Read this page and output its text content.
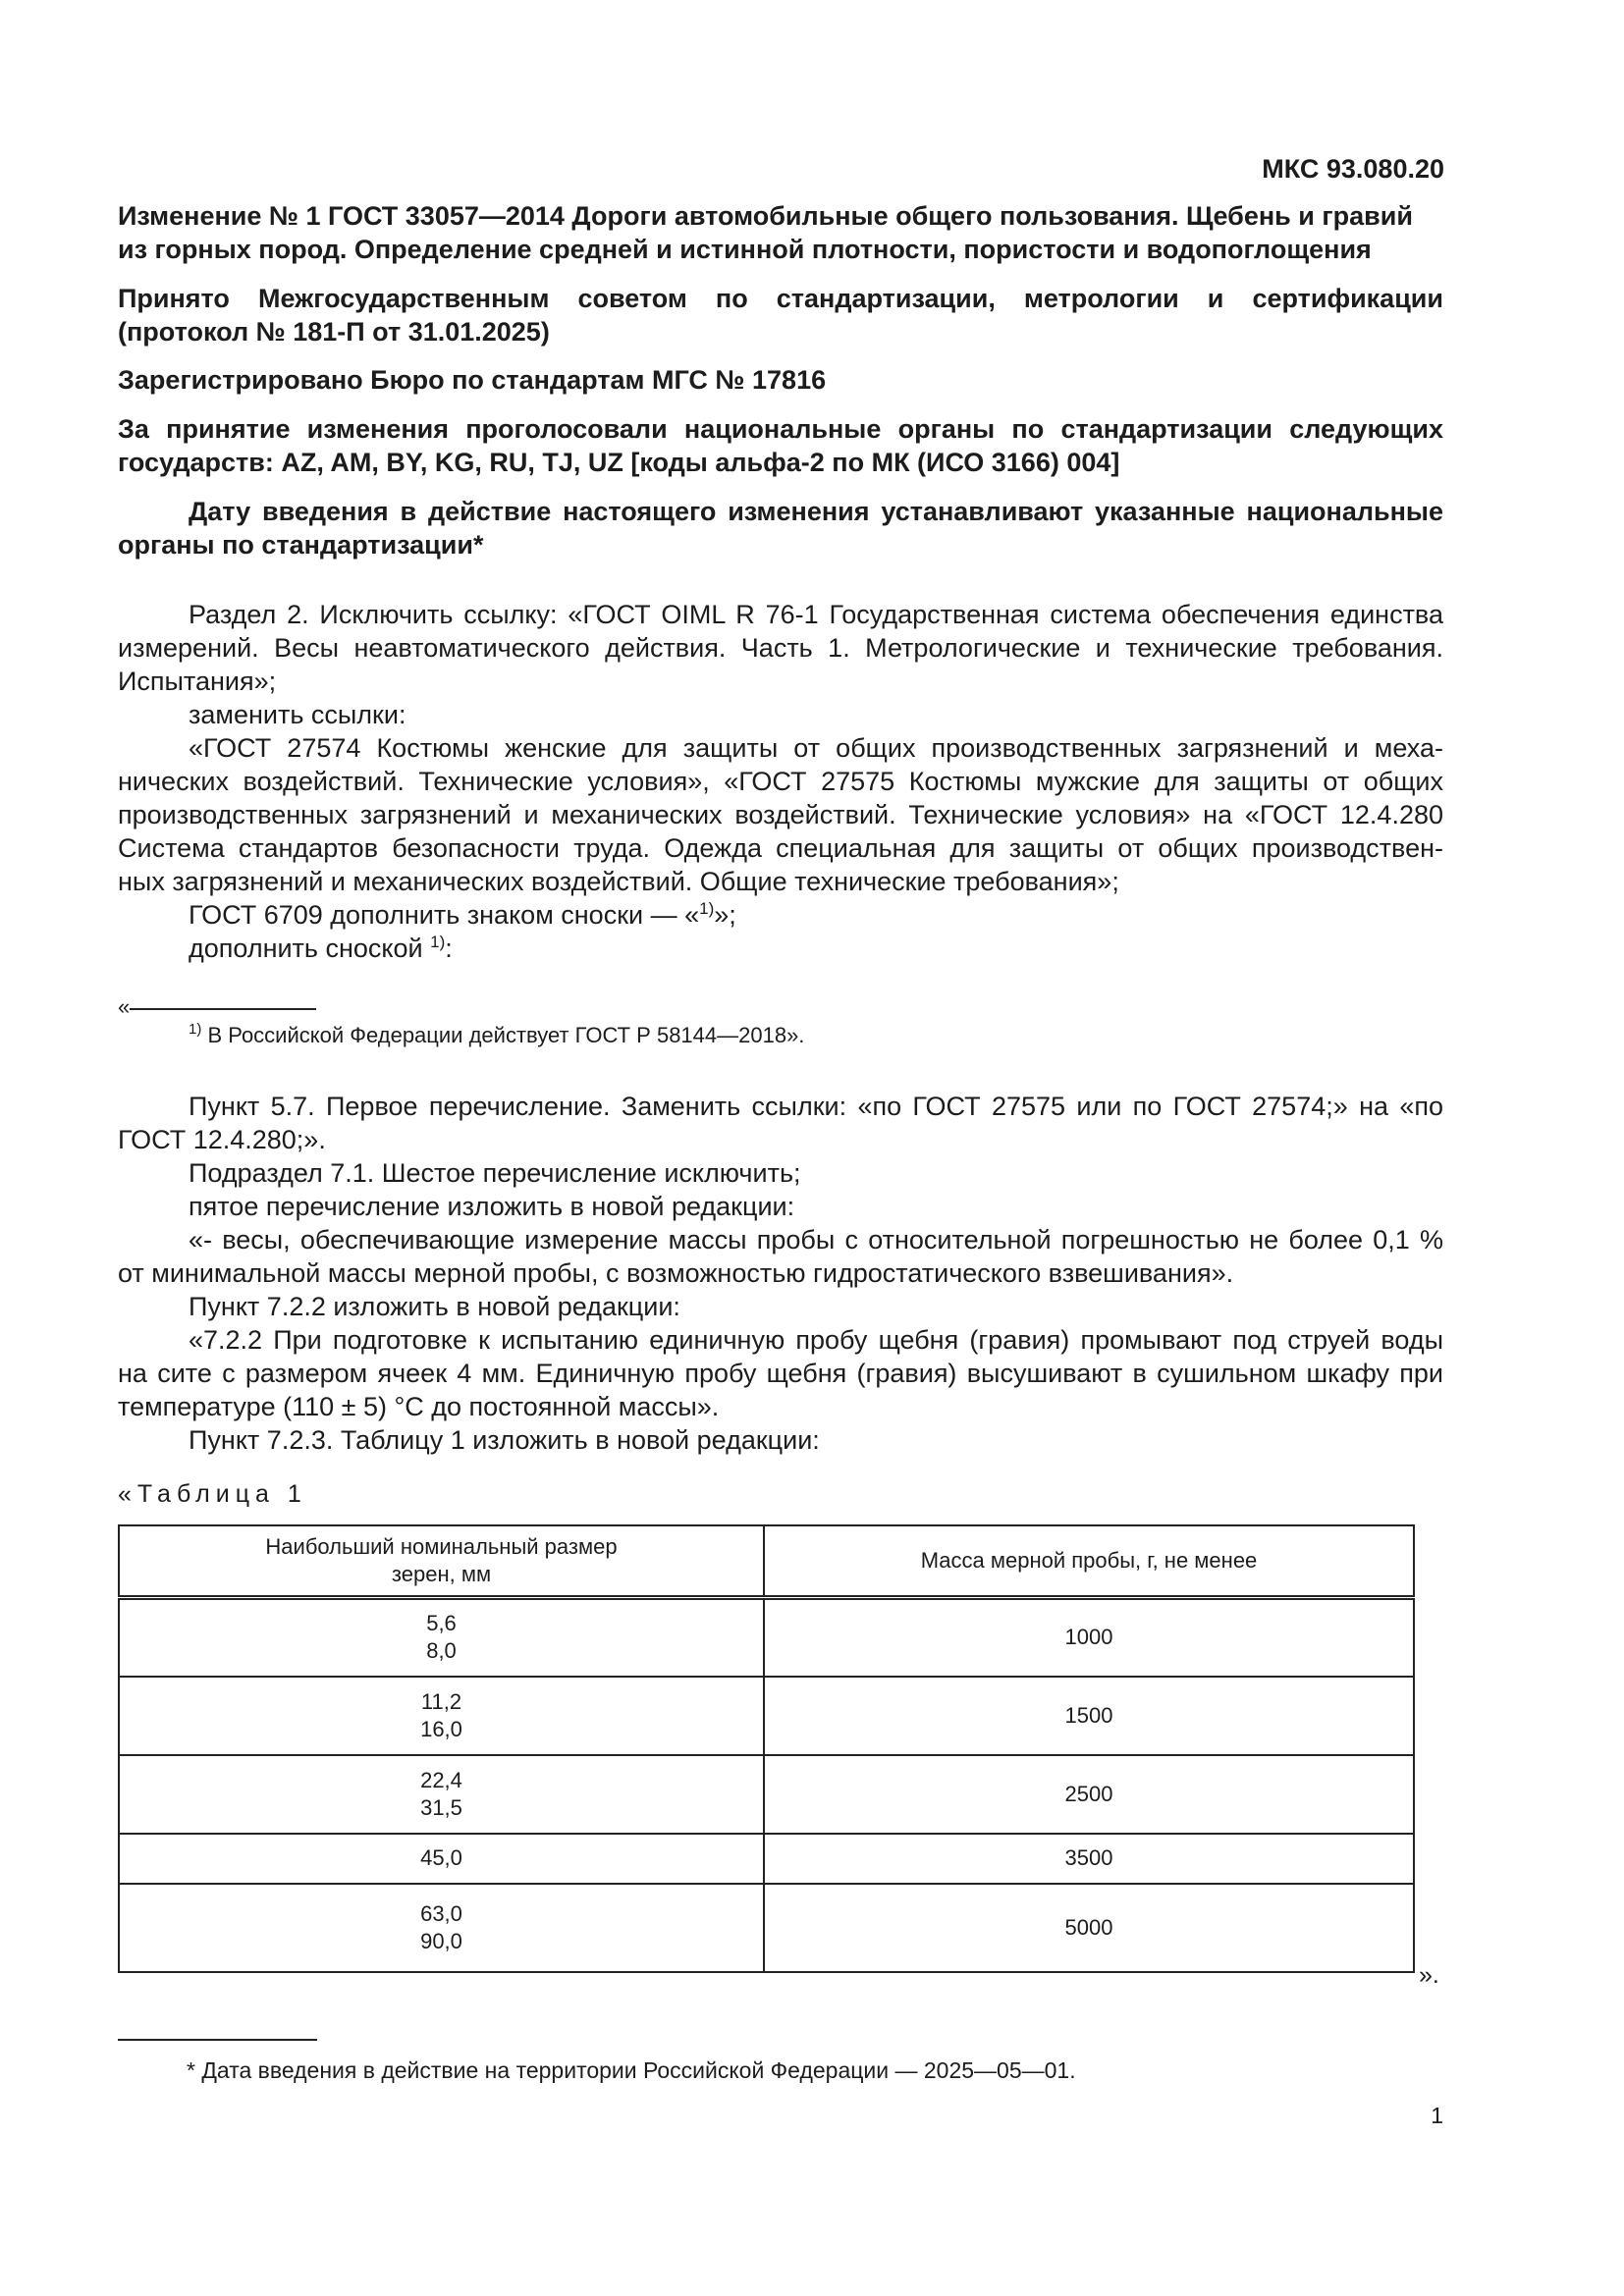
МКС 93.080.20
Изменение № 1 ГОСТ 33057—2014 Дороги автомобильные общего пользования. Щебень и гравий
из горных пород. Определение средней и истинной плотности, пористости и водопоглощения
Принято Межгосударственным советом по стандартизации, метрологии и сертификации
(протокол № 181-П от 31.01.2025)
Зарегистрировано Бюро по стандартам МГС № 17816
За принятие изменения проголосовали национальные органы по стандартизации следующих
государств: AZ, AM, BY, KG, RU, TJ, UZ [коды альфа-2 по МК (ИСО 3166) 004]
Дату введения в действие настоящего изменения устанавливают указанные национальные
органы по стандартизации*
Раздел 2. Исключить ссылку: «ГОСТ OIML R 76-1 Государственная система обеспечения единства
измерений. Весы неавтоматического действия. Часть 1. Метрологические и технические требования.
Испытания»;
заменить ссылки:
«ГОСТ 27574 Костюмы женские для защиты от общих производственных загрязнений и меха-
нических воздействий. Технические условия», «ГОСТ 27575 Костюмы мужские для защиты от общих
производственных загрязнений и механических воздействий. Технические условия» на «ГОСТ 12.4.280
Система стандартов безопасности труда. Одежда специальная для защиты от общих производствен-
ных загрязнений и механических воздействий. Общие технические требования»;
ГОСТ 6709 дополнить знаком сноски — «$^{1)}$»;
дополнить сноской $^{1)}$:
«
$^{1)}$ В Российской Федерации действует ГОСТ Р 58144—2018».
Пункт 5.7. Первое перечисление. Заменить ссылки: «по ГОСТ 27575 или по ГОСТ 27574;» на «по
ГОСТ 12.4.280;».
Подраздел 7.1. Шестое перечисление исключить;
пятое перечисление изложить в новой редакции:
«- весы, обеспечивающие измерение массы пробы с относительной погрешностью не более 0,1 %
от минимальной массы мерной пробы, с возможностью гидростатического взвешивания».
Пункт 7.2.2 изложить в новой редакции:
«7.2.2 При подготовке к испытанию единичную пробу щебня (гравия) промывают под струей воды
на сите с размером ячеек 4 мм. Единичную пробу щебня (гравия) высушивают в сушильном шкафу при
температуре (110 ± 5) °С до постоянной массы».
Пункт 7.2.3. Таблицу 1 изложить в новой редакции:
«Таблица 1
Наибольший номинальный размер
зерен, мм	Масса мерной пробы, г, не менее
5,6
8,0	1000
11,2
16,0	1500
22,4
31,5	2500
45,0	3500
63,0
90,0	5000
».
* Дата введения в действие на территории Российской Федерации — 2025—05—01.
1
